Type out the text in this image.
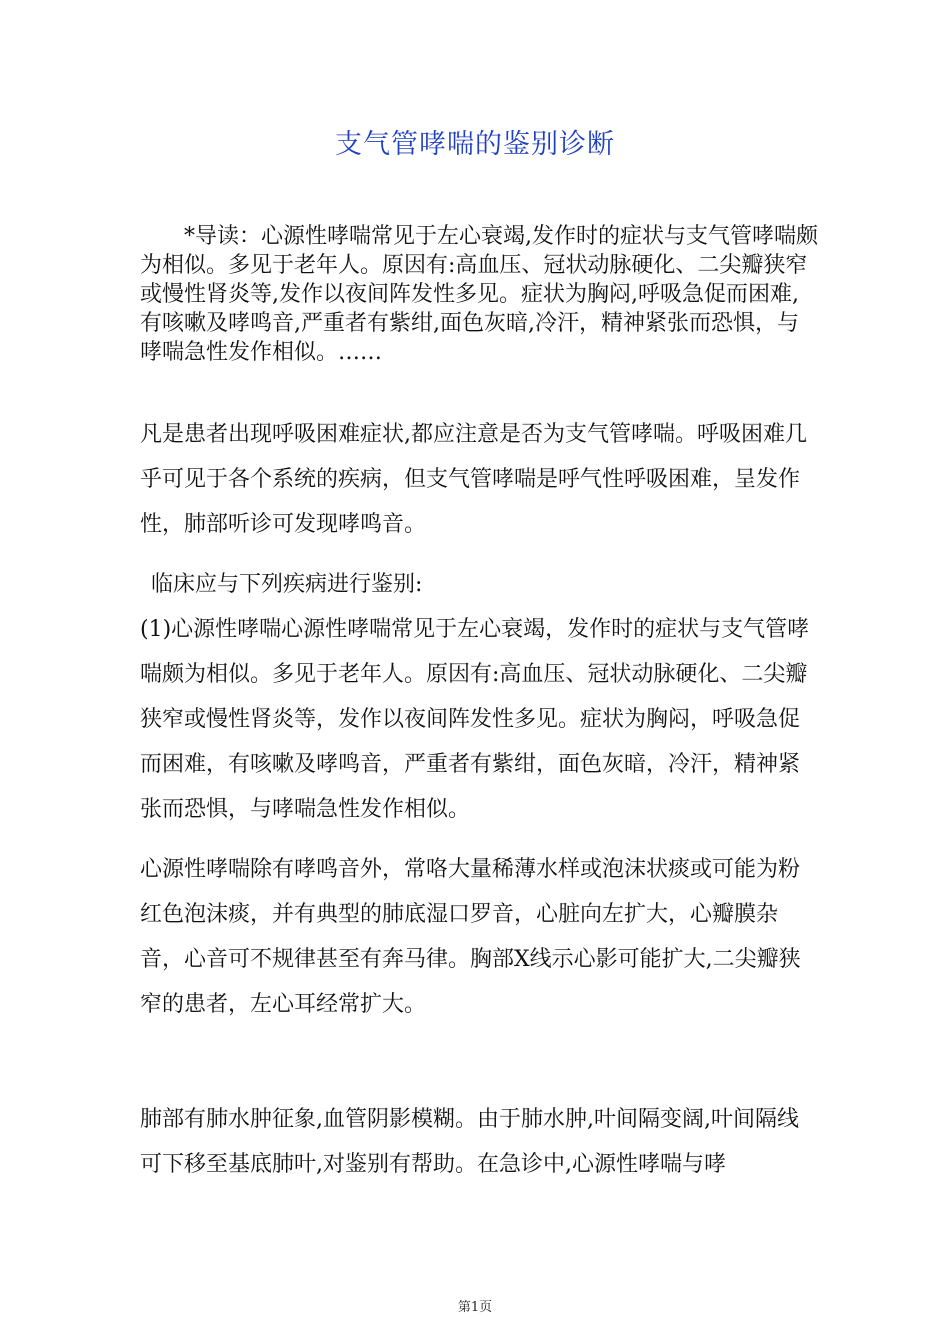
支气管哮喘的鉴别诊断

*导读：心源性哮喘常见于左心衰竭,发作时的症状与支气管哮喘颇为相似。多见于老年人。原因有:高血压、冠状动脉硬化、二尖瓣狭窄或慢性肾炎等,发作以夜间阵发性多见。症状为胸闷,呼吸急促而困难,有咳嗽及哮鸣音,严重者有紫绀,面色灰暗,冷汗，精神紧张而恐惧，与哮喘急性发作相似。……

凡是患者出现呼吸困难症状,都应注意是否为支气管哮喘。呼吸困难几乎可见于各个系统的疾病，但支气管哮喘是呼气性呼吸困难，呈发作性，肺部听诊可发现哮鸣音。

临床应与下列疾病进行鉴别:

(1)心源性哮喘心源性哮喘常见于左心衰竭，发作时的症状与支气管哮喘颇为相似。多见于老年人。原因有:高血压、冠状动脉硬化、二尖瓣狭窄或慢性肾炎等，发作以夜间阵发性多见。症状为胸闷，呼吸急促而困难，有咳嗽及哮鸣音，严重者有紫绀，面色灰暗，冷汗，精神紧张而恐惧，与哮喘急性发作相似。

心源性哮喘除有哮鸣音外，常咯大量稀薄水样或泡沫状痰或可能为粉红色泡沫痰，并有典型的肺底湿口罗音，心脏向左扩大，心瓣膜杂音，心音可不规律甚至有奔马律。胸部X线示心影可能扩大,二尖瓣狭窄的患者，左心耳经常扩大。

肺部有肺水肿征象,血管阴影模糊。由于肺水肿,叶间隔变阔,叶间隔线可下移至基底肺叶,对鉴别有帮助。在急诊中,心源性哮喘与哮

第1页
